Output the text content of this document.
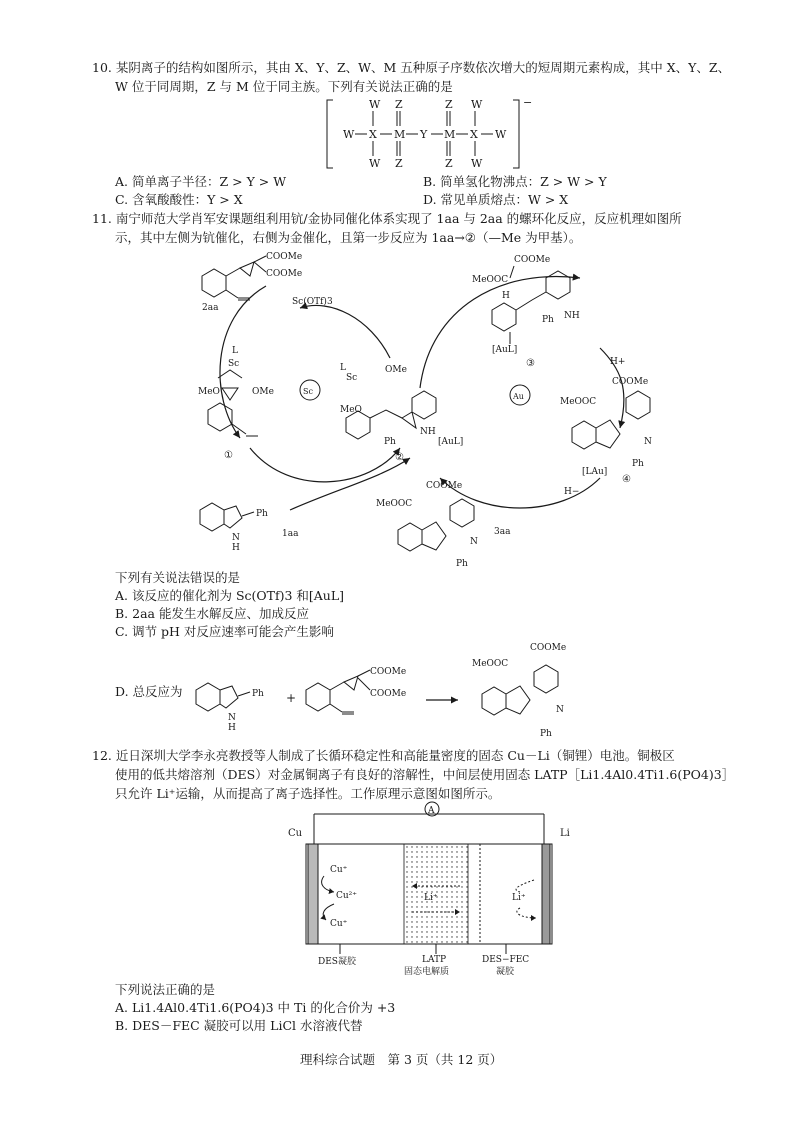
10. 某阴离子的结构如图所示，其由 X、Y、Z、W、M 五种原子序数依次增大的短周期元素构成，其中 X、Y、Z、
W 位于同周期，Z 与 M 位于同主族。下列有关说法正确的是
−
W Z	Z W
W X M Y M X W
W Z	Z W
A. 简单离子半径：Z > Y > W	B. 简单氢化物沸点：Z > W > Y
C. 含氧酸酸性：Y > X	D. 常见单质熔点：W > X
11. 南宁师范大学肖军安课题组利用钪/金协同催化体系实现了 1aa 与 2aa 的螺环化反应，反应机理如图所
示，其中左侧为钪催化，右侧为金催化，且第一步反应为 1aa→②（—Me 为甲基）。
COOMe
COOMe
2aa
Sc(OTf)3
L
Sc
MeO	OMe
①
Sc
L
Sc
OMe
MeO
NH
Ph
②
Ph
N
H
1aa
Au
[AuL]
COOMe
MeOOC
H
Ph NH
[AuL]
③	H+
COOMe
MeOOC
N
Ph
[LAu]
④
H−
COOMe
MeOOC
N
Ph
3aa
下列有关说法错误的是
A. 该反应的催化剂为 Sc(OTf)3 和[AuL]
B. 2aa 能发生水解反应、加成反应
C. 调节 pH 对反应速率可能会产生影响
D. 总反应为	Ph
N
H
+
COOMe
COOMe
COOMe
MeOOC
N
Ph
12. 近日深圳大学李永亮教授等人制成了长循环稳定性和高能量密度的固态 Cu－Li（铜锂）电池。铜极区
使用的低共熔溶剂（DES）对金属铜离子有良好的溶解性，中间层使用固态 LATP［Li1.4Al0.4Ti1.6(PO4)3］
只允许 Li⁺运输，从而提高了离子选择性。工作原理示意图如图所示。
A
Cu	Li
Cu⁺
Cu²⁺
Cu⁺
Li⁺	Li⁺
DES凝胶	LATP
固态电解质
DES−FEC
凝胶
下列说法正确的是
A. Li1.4Al0.4Ti1.6(PO4)3 中 Ti 的化合价为 +3
B. DES－FEC 凝胶可以用 LiCl 水溶液代替
理科综合试题　第 3 页（共 12 页）
